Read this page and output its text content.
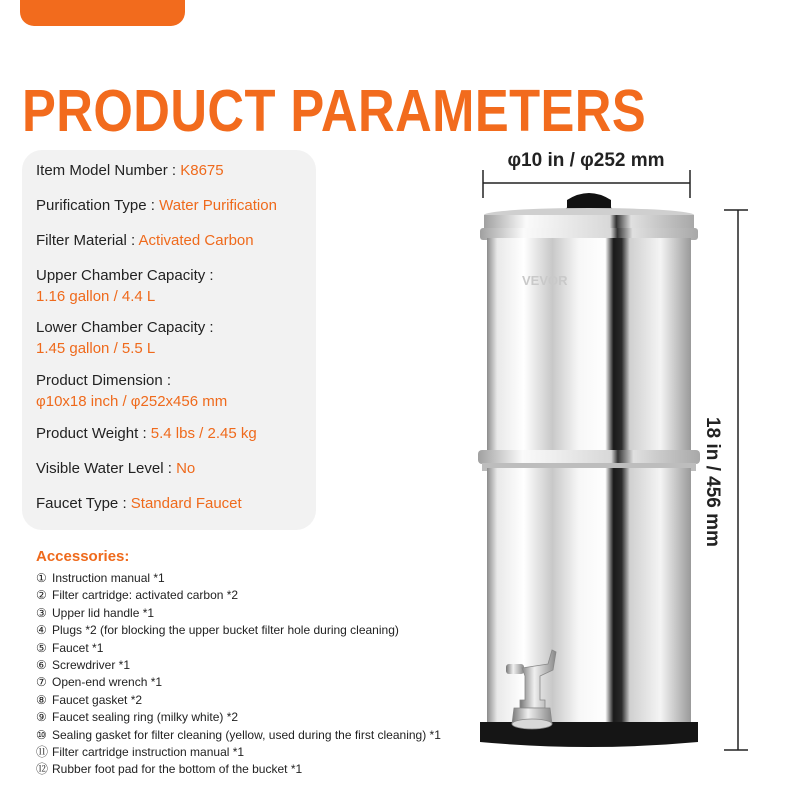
PRODUCT PARAMETERS
Item Model Number : K8675
Purification Type : Water Purification
Filter Material : Activated Carbon
Upper Chamber Capacity :
1.16 gallon / 4.4 L
Lower Chamber Capacity :
1.45 gallon / 5.5 L
Product Dimension :
φ10x18 inch / φ252x456 mm
Product Weight : 5.4 lbs / 2.45 kg
Visible Water Level : No
Faucet Type : Standard Faucet
Accessories:
① Instruction manual *1
② Filter cartridge: activated carbon *2
③ Upper lid handle *1
④ Plugs *2 (for blocking the upper bucket filter hole during cleaning)
⑤ Faucet *1
⑥ Screwdriver *1
⑦ Open-end wrench *1
⑧ Faucet gasket *2
⑨ Faucet sealing ring (milky white) *2
⑩ Sealing gasket for filter cleaning (yellow, used during the first cleaning) *1
⑪ Filter cartridge instruction manual *1
⑫ Rubber foot pad for the bottom of the bucket *1
φ10 in / φ252 mm
18 in / 456 mm
VEVOR
